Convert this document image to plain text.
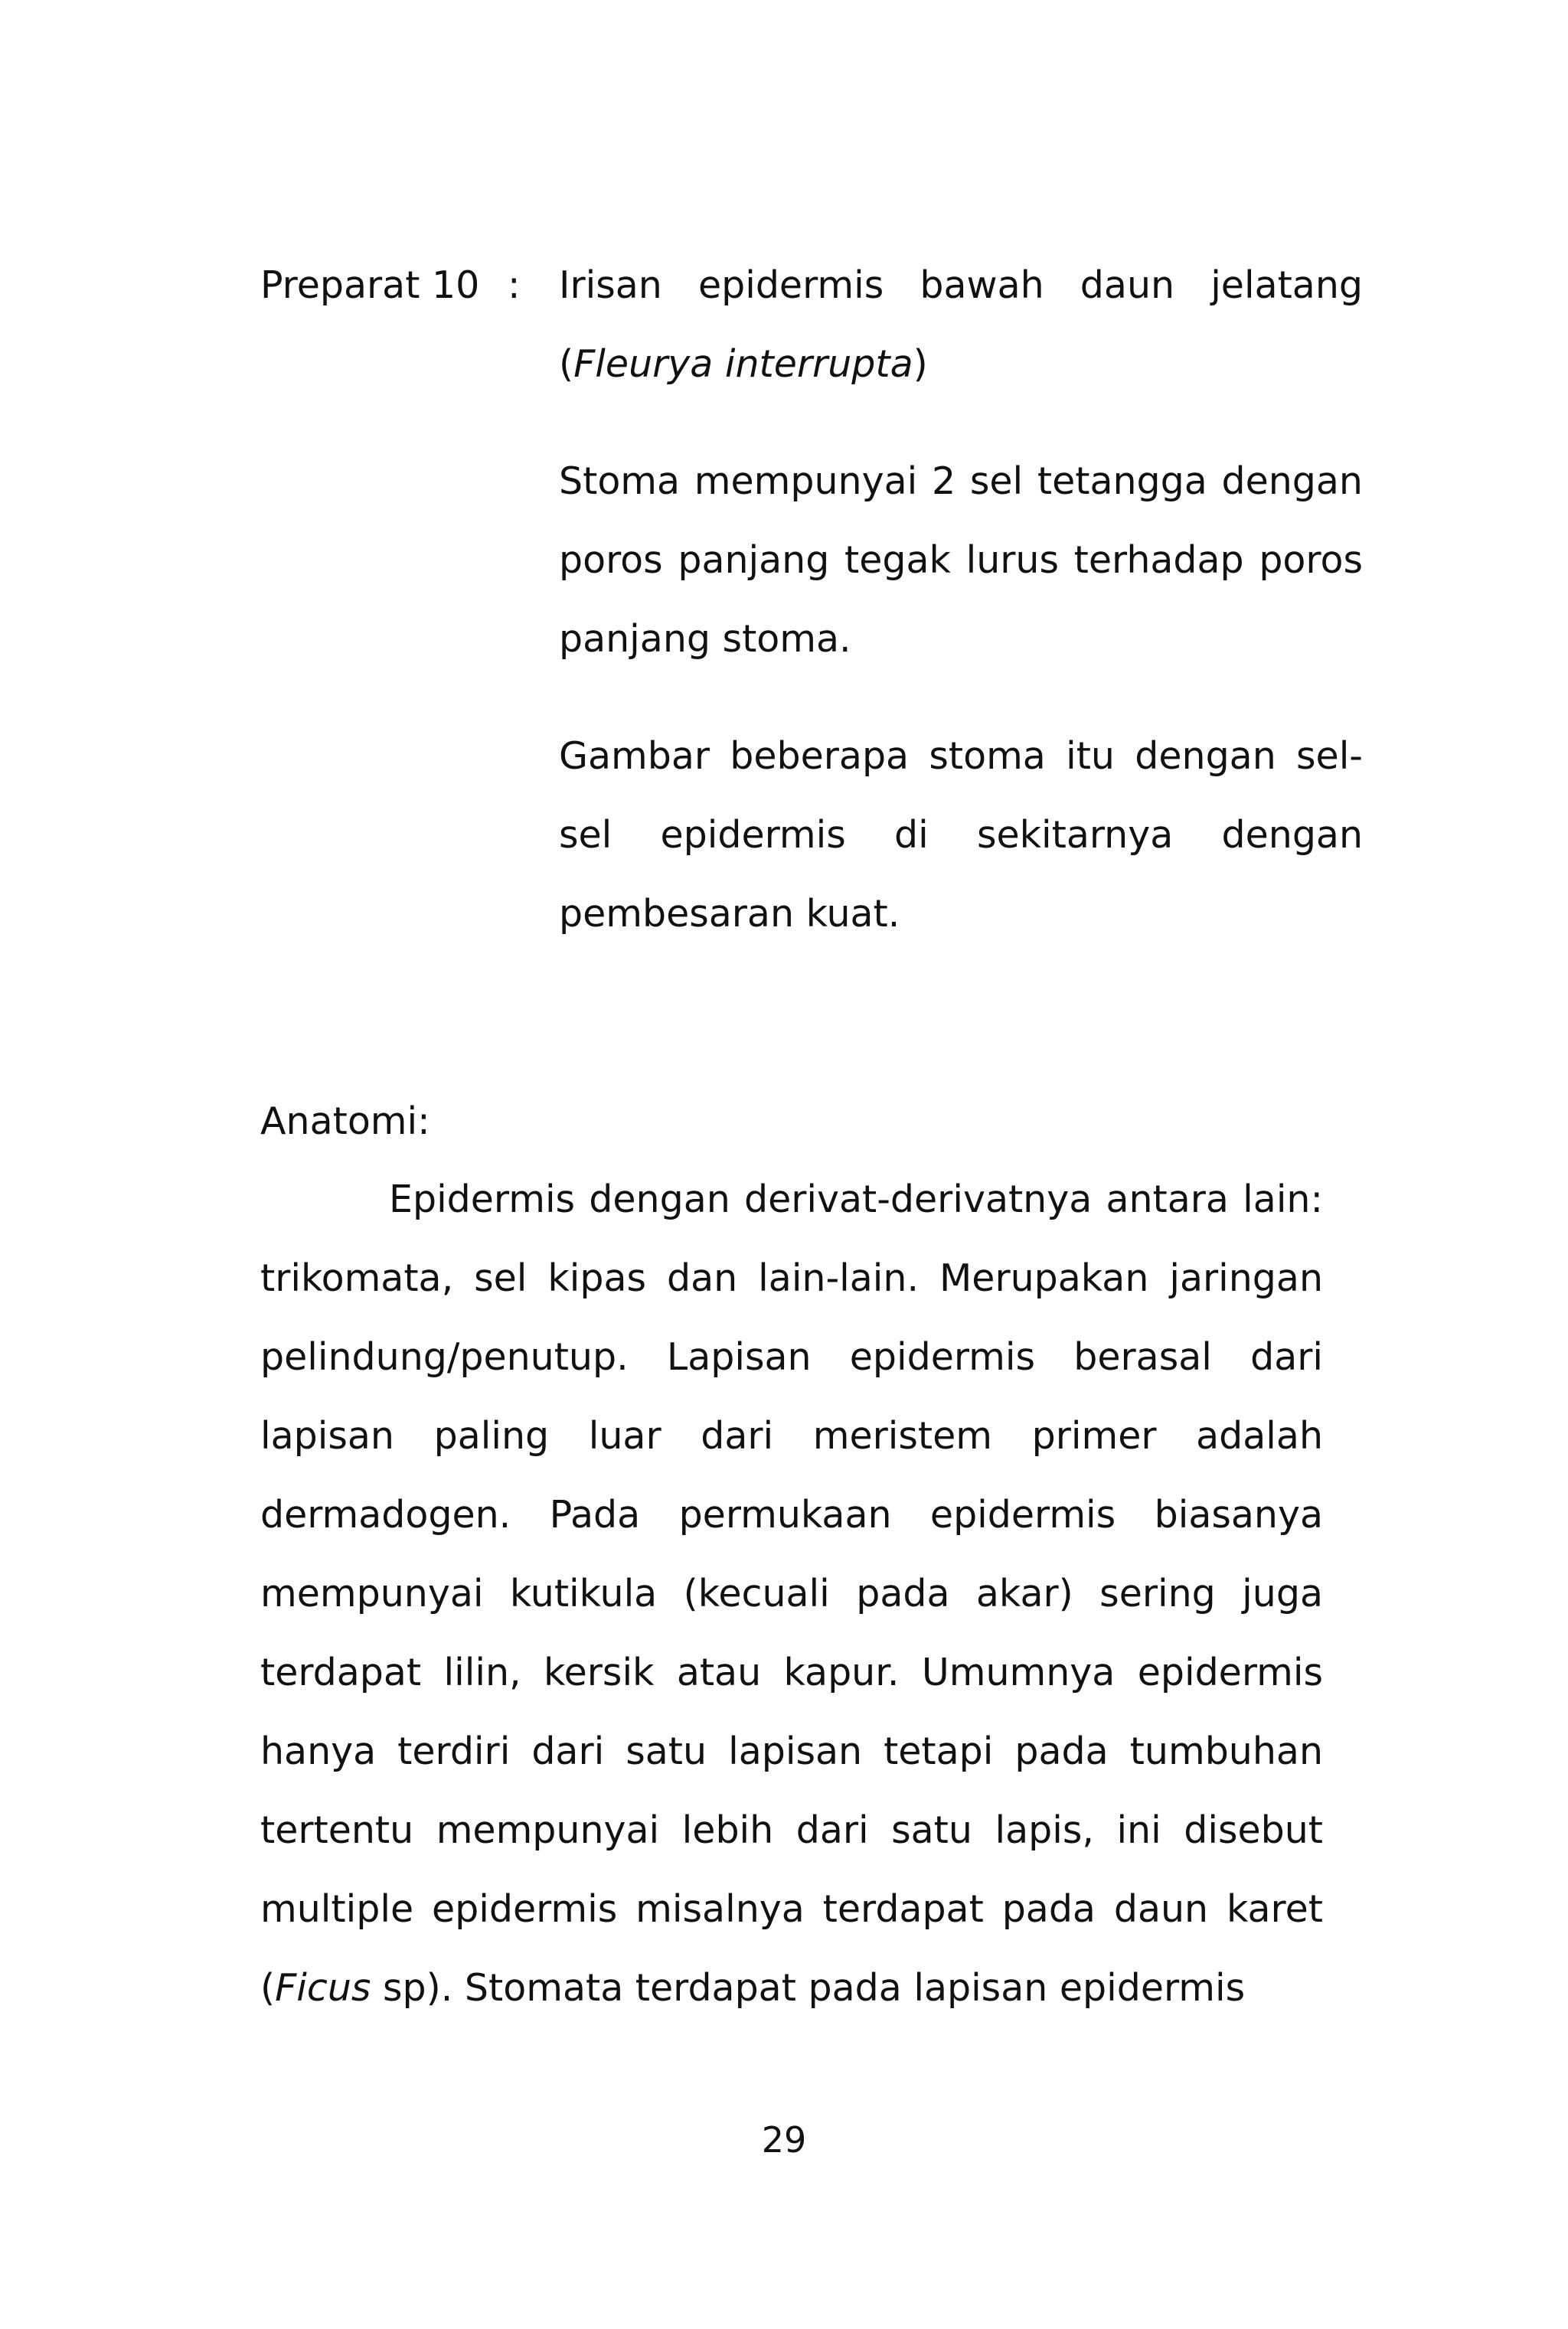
Preparat 10 : Irisan epidermis bawah daun jelatang (Fleurya interrupta)

Stoma mempunyai 2 sel tetangga dengan poros panjang tegak lurus terhadap poros panjang stoma.

Gambar beberapa stoma itu dengan sel-sel epidermis di sekitarnya dengan pembesaran kuat.

Anatomi:

Epidermis dengan derivat-derivatnya antara lain: trikomata, sel kipas dan lain-lain. Merupakan jaringan pelindung/penutup. Lapisan epidermis berasal dari lapisan paling luar dari meristem primer adalah dermadogen. Pada permukaan epidermis biasanya mempunyai kutikula (kecuali pada akar) sering juga terdapat lilin, kersik atau kapur. Umumnya epidermis hanya terdiri dari satu lapisan tetapi pada tumbuhan tertentu mempunyai lebih dari satu lapis, ini disebut multiple epidermis misalnya terdapat pada daun karet (Ficus sp). Stomata terdapat pada lapisan epidermis

29
